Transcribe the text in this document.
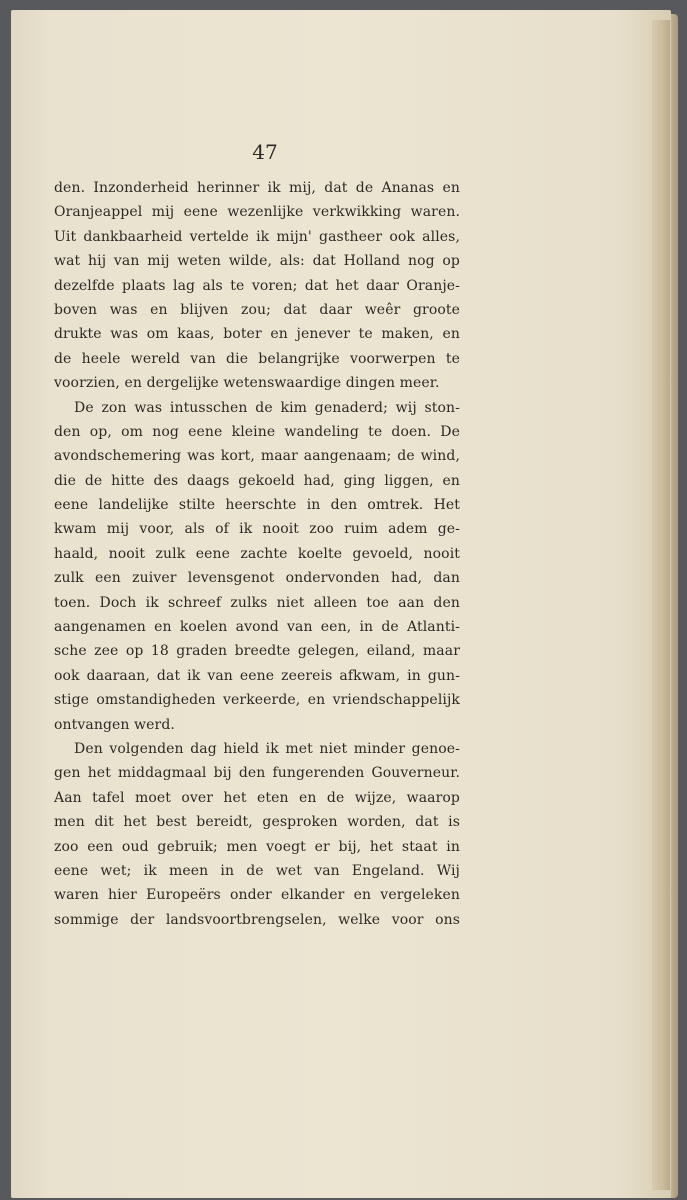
47
den. Inzonderheid herinner ik mij, dat de Ananas en
Oranjeappel mij eene wezenlijke verkwikking waren.
Uit dankbaarheid vertelde ik mijn' gastheer ook alles,
wat hij van mij weten wilde, als: dat Holland nog op
dezelfde plaats lag als te voren; dat het daar Oranje-
boven was en blijven zou; dat daar weêr groote
drukte was om kaas, boter en jenever te maken, en
de heele wereld van die belangrijke voorwerpen te
voorzien, en dergelijke wetenswaardige dingen meer.
De zon was intusschen de kim genaderd; wij ston-
den op, om nog eene kleine wandeling te doen. De
avondschemering was kort, maar aangenaam; de wind,
die de hitte des daags gekoeld had, ging liggen, en
eene landelijke stilte heerschte in den omtrek. Het
kwam mij voor, als of ik nooit zoo ruim adem ge-
haald, nooit zulk eene zachte koelte gevoeld, nooit
zulk een zuiver levensgenot ondervonden had, dan
toen. Doch ik schreef zulks niet alleen toe aan den
aangenamen en koelen avond van een, in de Atlanti-
sche zee op 18 graden breedte gelegen, eiland, maar
ook daaraan, dat ik van eene zeereis afkwam, in gun-
stige omstandigheden verkeerde, en vriendschappelijk
ontvangen werd.
Den volgenden dag hield ik met niet minder genoe-
gen het middagmaal bij den fungerenden Gouverneur.
Aan tafel moet over het eten en de wijze, waarop
men dit het best bereidt, gesproken worden, dat is
zoo een oud gebruik; men voegt er bij, het staat in
eene wet; ik meen in de wet van Engeland. Wij
waren hier Europeërs onder elkander en vergeleken
sommige der landsvoortbrengselen, welke voor ons
